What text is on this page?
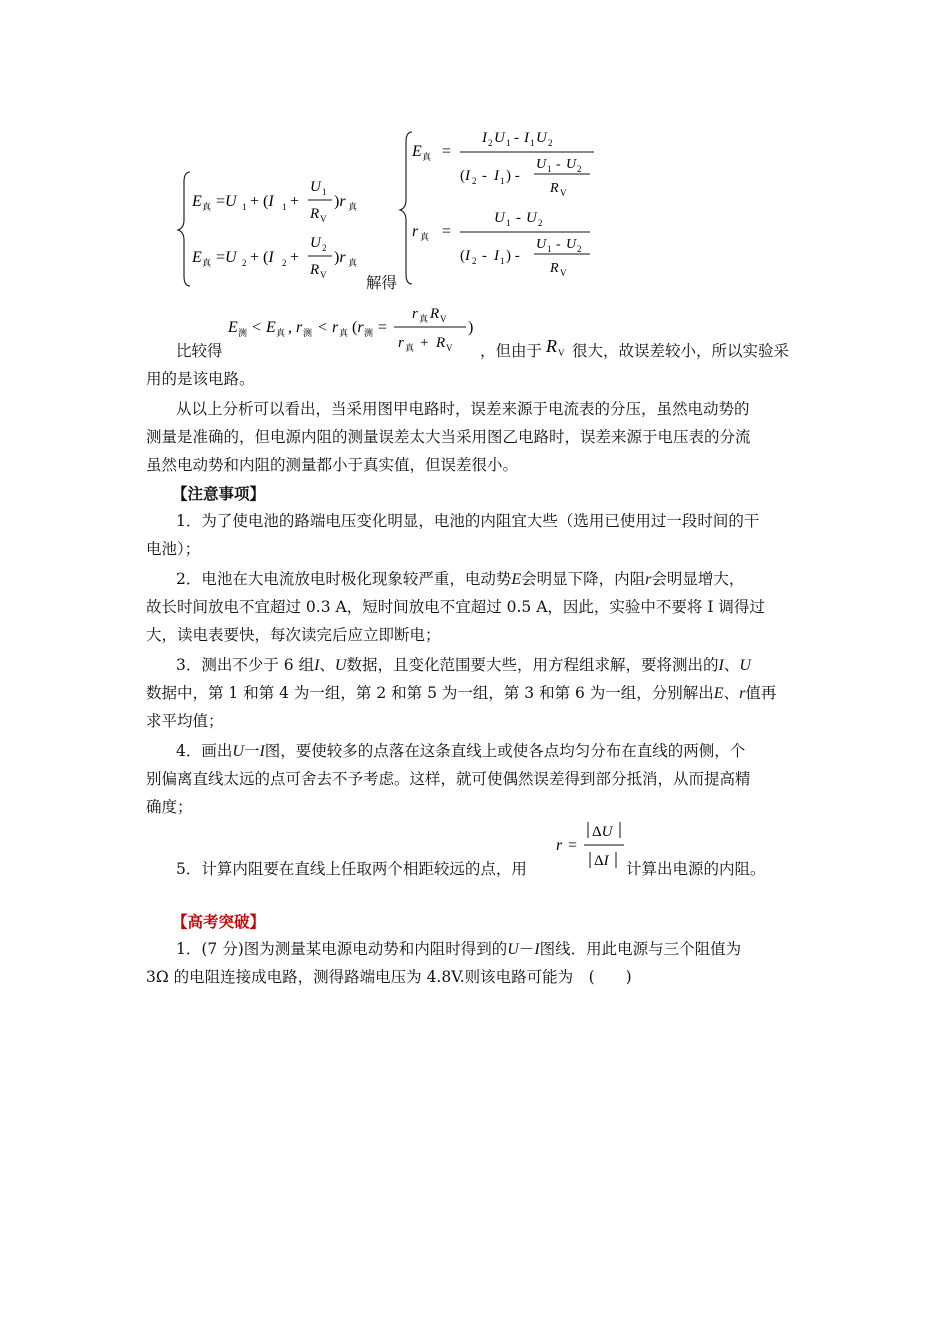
E 真 =U 1 + (I 1 +
U 1
R V
)r 真
E 真 =U 2 + (I 2 +
U 2
R V
)r 真
解得
E 真 =
I 2 U 1 - I 1 U 2
(I 2 - I 1 ) -
U 1 - U 2
R V
r 真 =
U 1 - U 2
(I 2 - I 1 ) -
U 1 - U 2
R V
E 测 < E 真 , r 测 < r 真 (r 测 =
r 真 R V
r 真 + R V
)
比较得	，但由于 R V 很大，故误差较小，所以实验采
用的是该电路。
从以上分析可以看出，当采用图甲电路时，误差来源于电流表的分压，虽然电动势的
测量是准确的，但电源内阻的测量误差太大当采用图乙电路时，误差来源于电压表的分流
虽然电动势和内阻的测量都小于真实值，但误差很小。
【注意事项】
1．为了使电池的路端电压变化明显，电池的内阻宜大些（选用已使用过一段时间的干
电池）；
2．电池在大电流放电时极化现象较严重，电动势E会明显下降，内阻r会明显增大，
故长时间放电不宜超过 0.3 A，短时间放电不宜超过 0.5 A，因此，实验中不要将 I 调得过
大，读电表要快，每次读完后应立即断电；
3．测出不少于 6 组I、U数据，且变化范围要大些，用方程组求解，要将测出的I、U
数据中，第 1 和第 4 为一组，第 2 和第 5 为一组，第 3 和第 6 为一组，分别解出E、r值再
求平均值；
4．画出U一I图，要使较多的点落在这条直线上或使各点均匀分布在直线的两侧，个
别偏离直线太远的点可舍去不予考虑。这样，就可使偶然误差得到部分抵消，从而提高精
确度；
r =
ΔU
ΔI
5．计算内阻要在直线上任取两个相距较远的点，用	计算出电源的内阻。
【高考突破】
1．(7 分)图为测量某电源电动势和内阻时得到的U－I图线．用此电源与三个阻值为
3Ω 的电阻连接成电路，测得路端电压为 4.8V.则该电路可能为　(　　)
